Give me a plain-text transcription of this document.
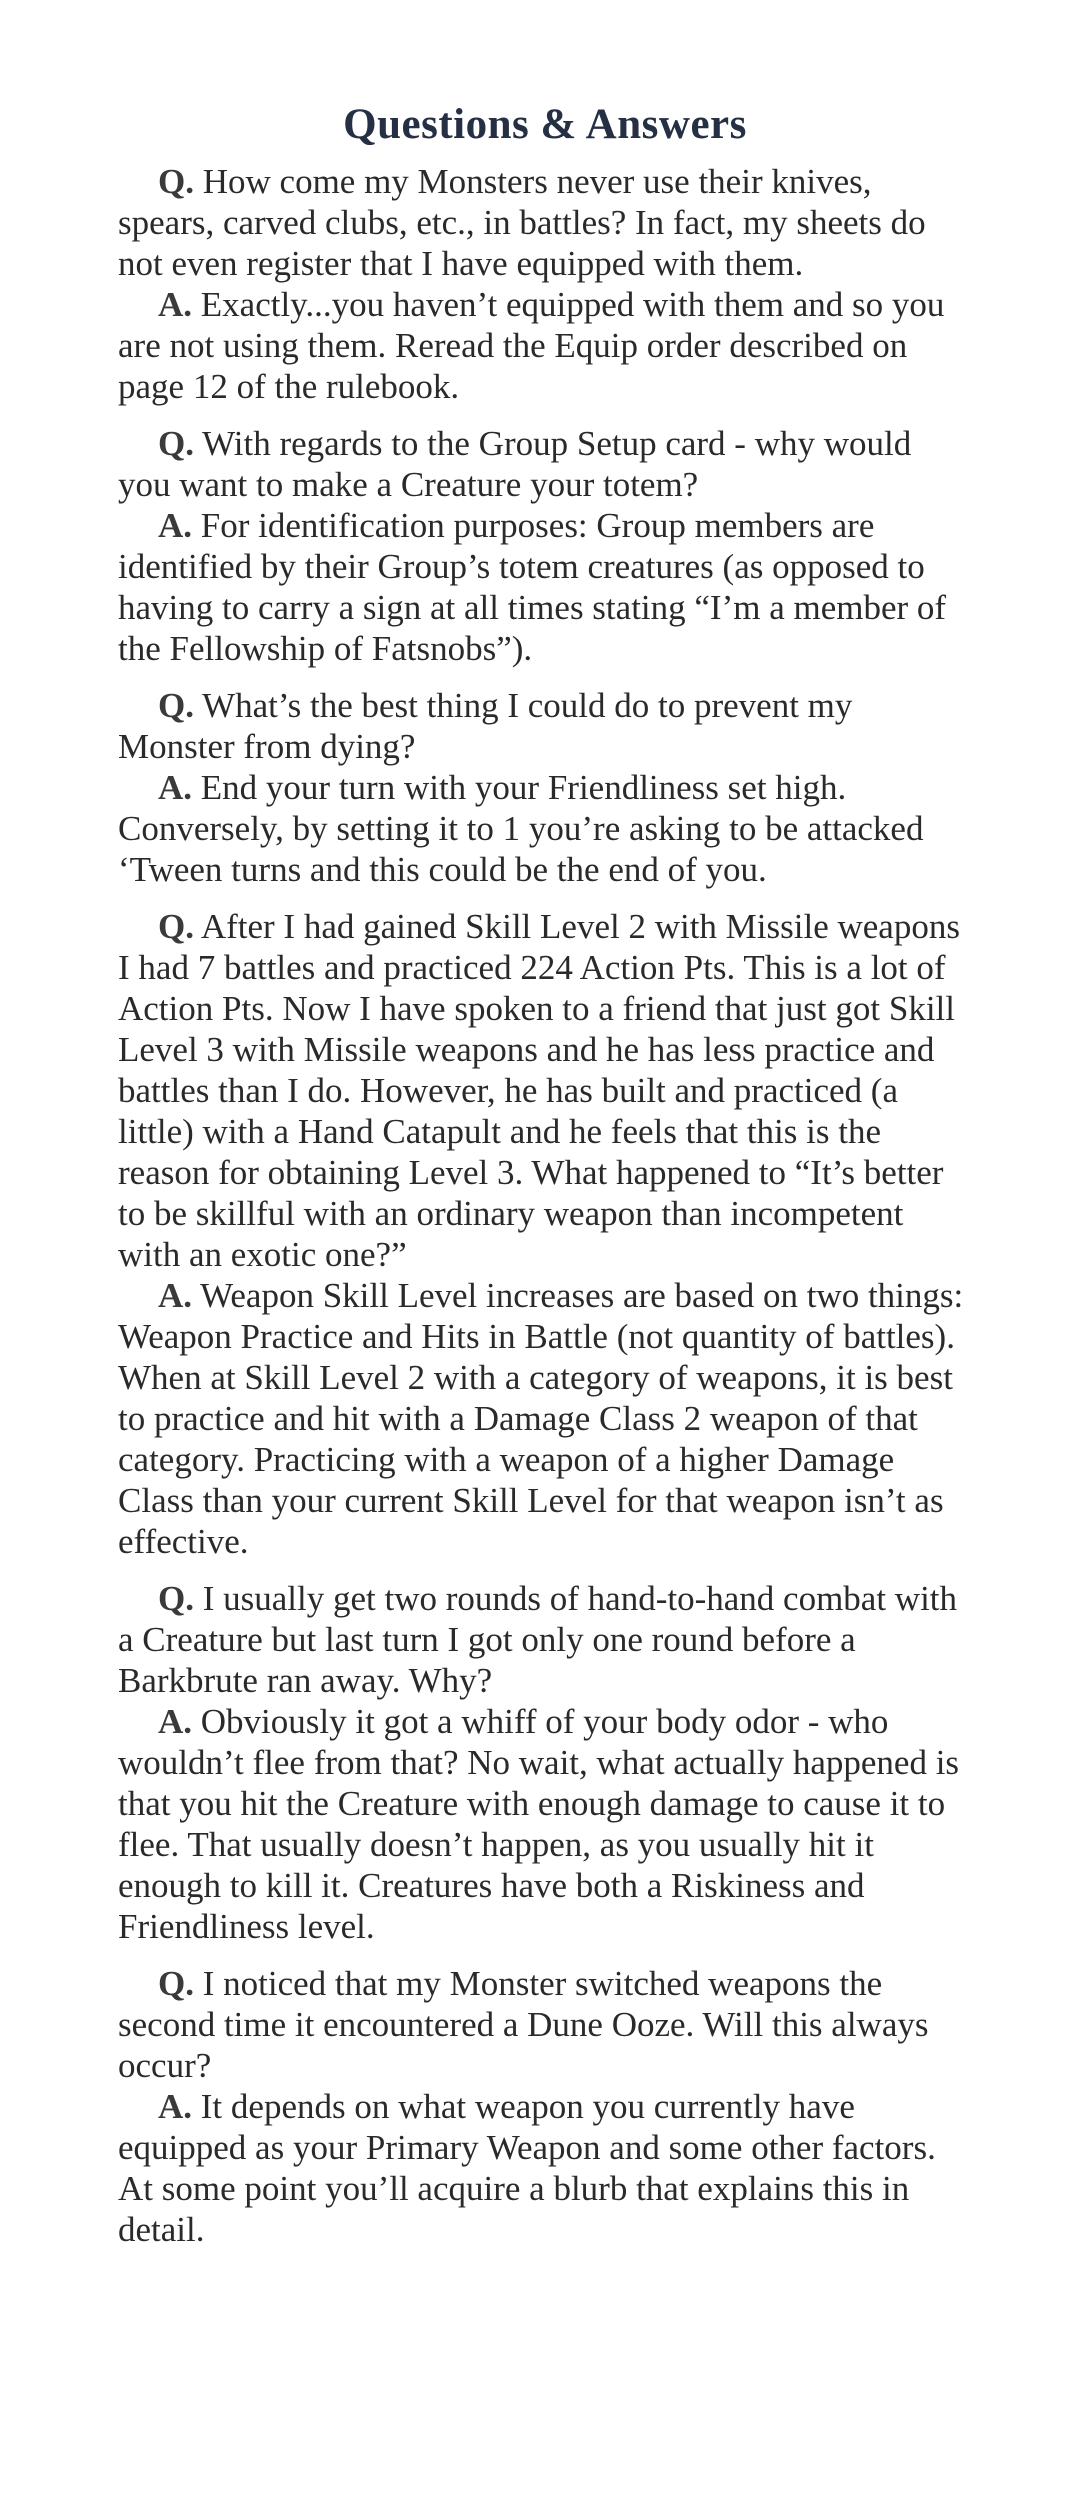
Questions & Answers

Q. How come my Monsters never use their knives, spears, carved clubs, etc., in battles? In fact, my sheets do not even register that I have equipped with them.

A. Exactly...you haven’t equipped with them and so you are not using them. Reread the Equip order described on page 12 of the rulebook.

Q. With regards to the Group Setup card - why would you want to make a Creature your totem?

A. For identification purposes: Group members are identified by their Group’s totem creatures (as opposed to having to carry a sign at all times stating “I’m a member of the Fellowship of Fatsnobs”).

Q. What’s the best thing I could do to prevent my Monster from dying?

A. End your turn with your Friendliness set high. Conversely, by setting it to 1 you’re asking to be attacked ‘Tween turns and this could be the end of you.

Q. After I had gained Skill Level 2 with Missile weapons I had 7 battles and practiced 224 Action Pts. This is a lot of Action Pts. Now I have spoken to a friend that just got Skill Level 3 with Missile weapons and he has less practice and battles than I do. However, he has built and practiced (a little) with a Hand Catapult and he feels that this is the reason for obtaining Level 3. What happened to “It’s better to be skillful with an ordinary weapon than incompetent with an exotic one?”

A. Weapon Skill Level increases are based on two things: Weapon Practice and Hits in Battle (not quantity of battles). When at Skill Level 2 with a category of weapons, it is best to practice and hit with a Damage Class 2 weapon of that category. Practicing with a weapon of a higher Damage Class than your current Skill Level for that weapon isn’t as effective.

Q. I usually get two rounds of hand-to-hand combat with a Creature but last turn I got only one round before a Barkbrute ran away. Why?

A. Obviously it got a whiff of your body odor - who wouldn’t flee from that? No wait, what actually happened is that you hit the Creature with enough damage to cause it to flee. That usually doesn’t happen, as you usually hit it enough to kill it. Creatures have both a Riskiness and Friendliness level.

Q. I noticed that my Monster switched weapons the second time it encountered a Dune Ooze. Will this always occur?

A. It depends on what weapon you currently have equipped as your Primary Weapon and some other factors. At some point you’ll acquire a blurb that explains this in detail.
